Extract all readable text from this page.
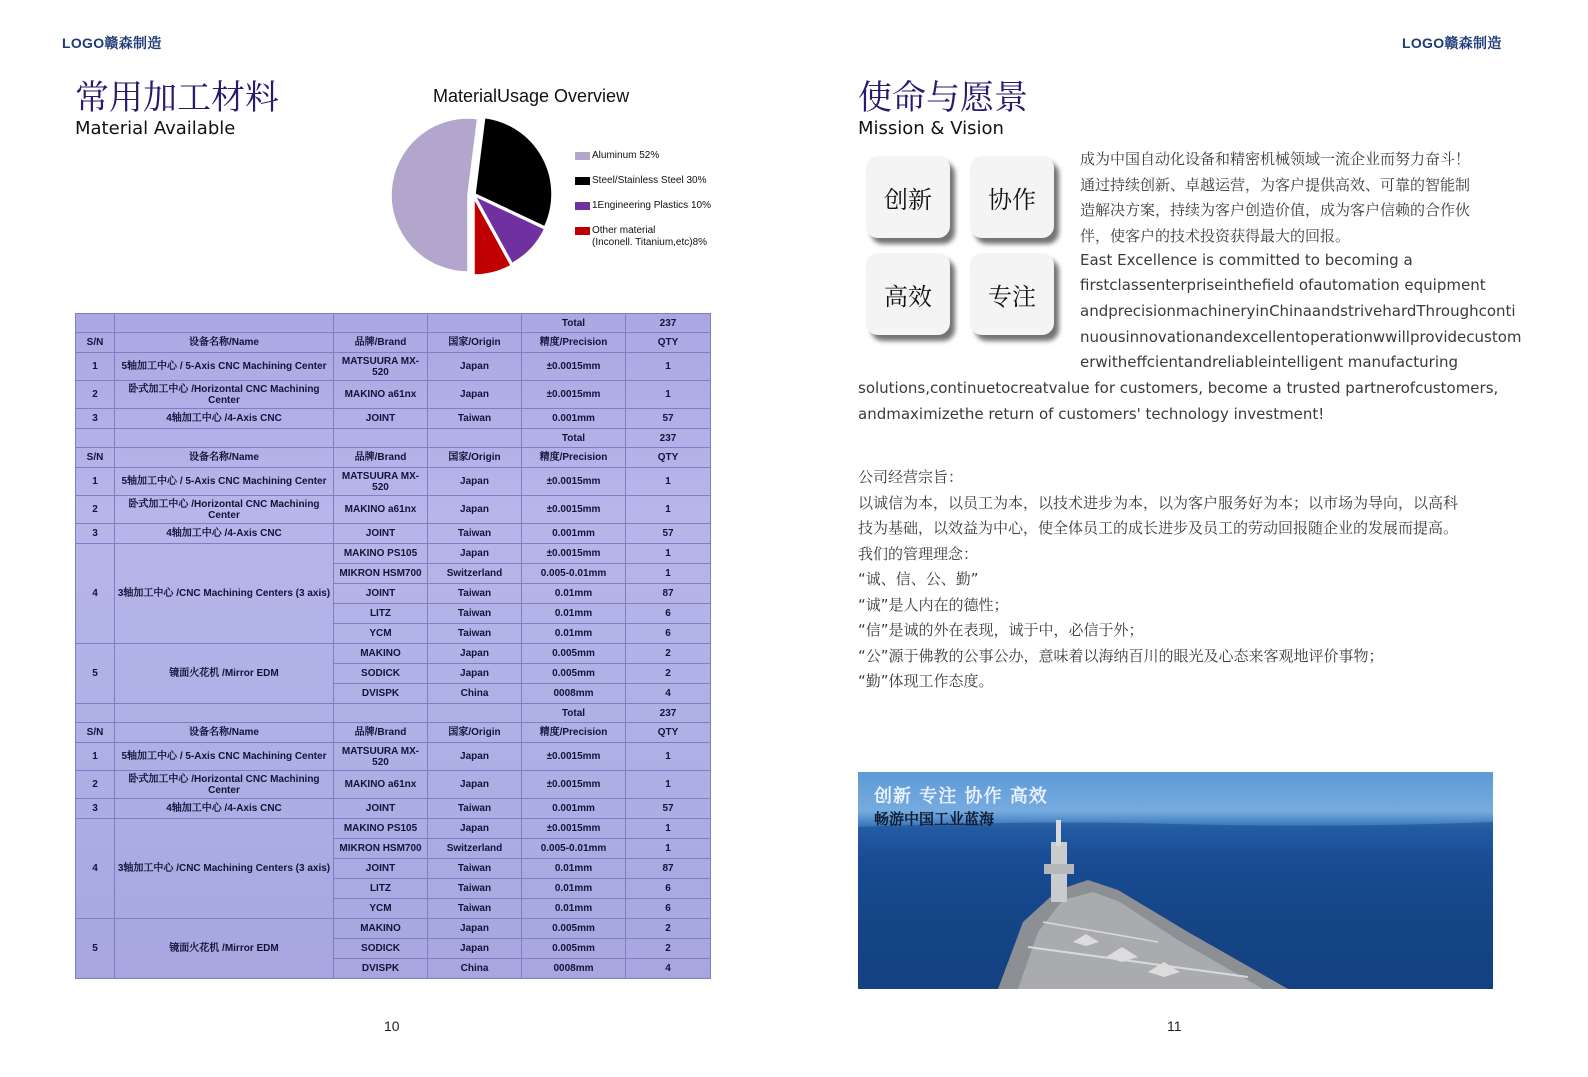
LOGO赣森制造	LOGO赣森制造
常用加工材料
Material Available
MaterialUsage Overview
Aluminum 52%
Steel/Stainless Steel 30%
1Engineering Plastics 10%
Other material
(Inconell. Titanium,etc)8%
				Total	237
S/N	设备名称/Name	品牌/Brand	国家/Origin	精度/Precision	QTY
1	5轴加工中心 / 5-Axis CNC Machining Center	MATSUURA MX-520	Japan	±0.0015mm	1
2	卧式加工中心 /Horizontal CNC Machining Center	MAKINO a61nx	Japan	±0.0015mm	1
3	4轴加工中心 /4-Axis CNC	JOINT	Taiwan	0.001mm	57
				Total	237
S/N	设备名称/Name	品牌/Brand	国家/Origin	精度/Precision	QTY
1	5轴加工中心 / 5-Axis CNC Machining Center	MATSUURA MX-520	Japan	±0.0015mm	1
2	卧式加工中心 /Horizontal CNC Machining Center	MAKINO a61nx	Japan	±0.0015mm	1
3	4轴加工中心 /4-Axis CNC	JOINT	Taiwan	0.001mm	57
4	3轴加工中心 /CNC Machining Centers (3 axis)	MAKINO PS105	Japan	±0.0015mm	1
		MIKRON HSM700	Switzerland	0.005-0.01mm	1
		JOINT	Taiwan	0.01mm	87
		LITZ	Taiwan	0.01mm	6
		YCM	Taiwan	0.01mm	6
5	镜面火花机 /Mirror EDM	MAKINO	Japan	0.005mm	2
		SODICK	Japan	0.005mm	2
		DVISPK	China	0008mm	4
				Total	237
S/N	设备名称/Name	品牌/Brand	国家/Origin	精度/Precision	QTY
1	5轴加工中心 / 5-Axis CNC Machining Center	MATSUURA MX-520	Japan	±0.0015mm	1
2	卧式加工中心 /Horizontal CNC Machining Center	MAKINO a61nx	Japan	±0.0015mm	1
3	4轴加工中心 /4-Axis CNC	JOINT	Taiwan	0.001mm	57
4	3轴加工中心 /CNC Machining Centers (3 axis)	MAKINO PS105	Japan	±0.0015mm	1
		MIKRON HSM700	Switzerland	0.005-0.01mm	1
		JOINT	Taiwan	0.01mm	87
		LITZ	Taiwan	0.01mm	6
		YCM	Taiwan	0.01mm	6
5	镜面火花机 /Mirror EDM	MAKINO	Japan	0.005mm	2
		SODICK	Japan	0.005mm	2
		DVISPK	China	0008mm	4
10	11
使命与愿景
Mission & Vision
创新	协作
高效	专注
成为中国自动化设备和精密机械领域一流企业而努力奋斗！
通过持续创新、卓越运营，为客户提供高效、可靠的智能制
造解决方案，持续为客户创造价值，成为客户信赖的合作伙
伴，使客户的技术投资获得最大的回报。
East Excellence is committed to becoming a
firstclassenterpriseinthefield ofautomation equipment
andprecisionmachineryinChinaandstrivehardThroughconti
nuousinnovationandexcellentoperationwwillprovidecustom
erwitheffcientandreliableintelligent manufacturing
solutions,continuetocreatvalue for customers, become a trusted partnerofcustomers,
andmaximizethe return of customers' technology investment!
公司经营宗旨：
以诚信为本，以员工为本，以技术进步为本，以为客户服务好为本；以市场为导向，以高科
技为基础，以效益为中心，使全体员工的成长进步及员工的劳动回报随企业的发展而提高。
我们的管理理念：
“诚、信、公、勤”
“诚”是人内在的德性；
“信”是诚的外在表现，诚于中，必信于外；
“公”源于佛教的公事公办，意味着以海纳百川的眼光及心态来客观地评价事物；
“勤”体现工作态度。
创新 专注 协作 高效
畅游中国工业蓝海
